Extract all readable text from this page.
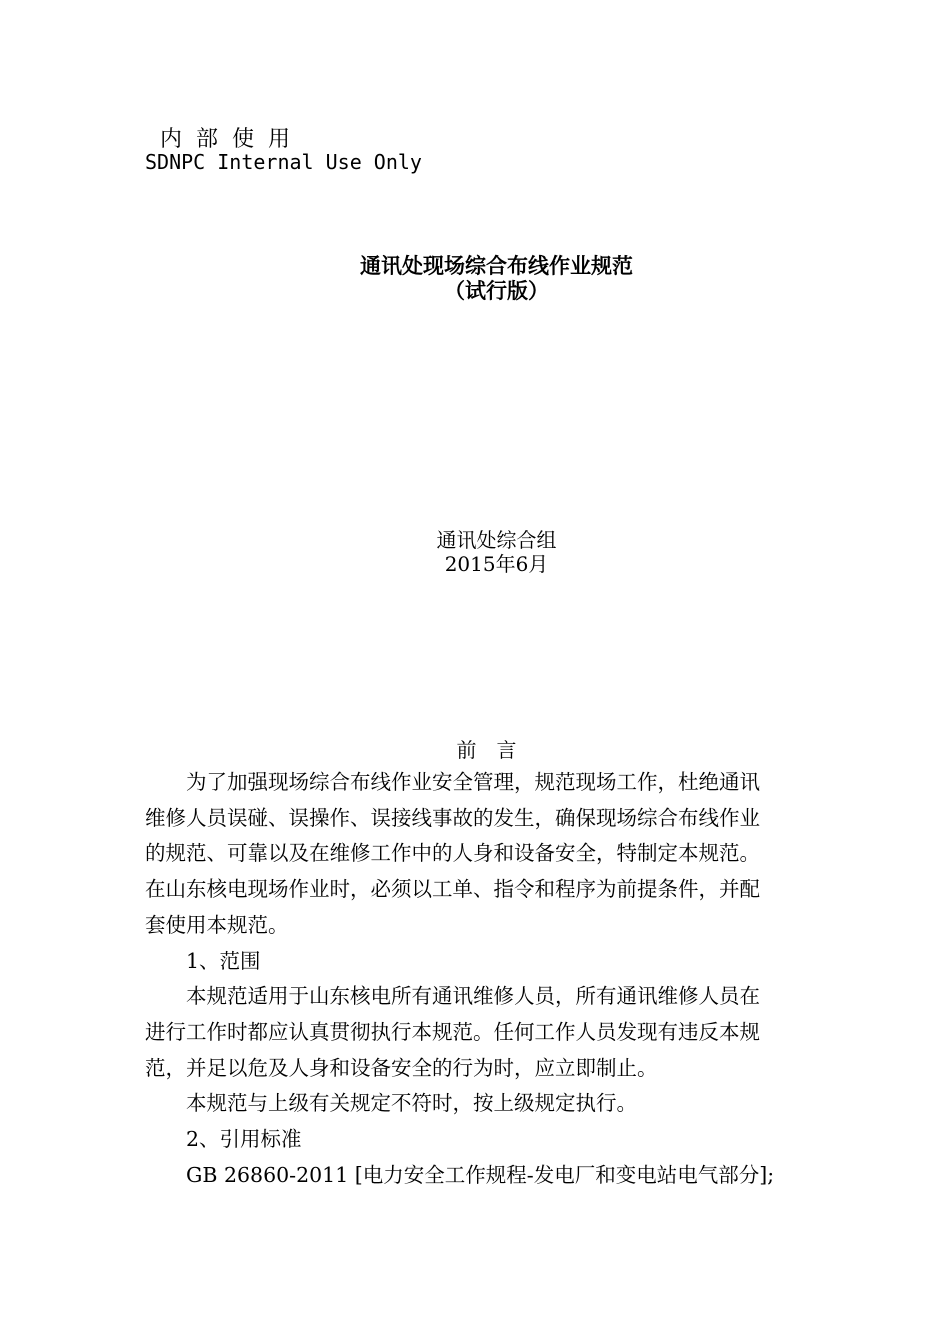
内部使用
SDNPC Internal Use Only
通讯处现场综合布线作业规范
（试行版）
通讯处综合组
2015年6月
前言

为了加强现场综合布线作业安全管理，规范现场工作，杜绝通讯

维修人员误碰、误操作、误接线事故的发生，确保现场综合布线作业

的规范、可靠以及在维修工作中的人身和设备安全，特制定本规范。

在山东核电现场作业时，必须以工单、指令和程序为前提条件，并配

套使用本规范。

1、范围

本规范适用于山东核电所有通讯维修人员，所有通讯维修人员在

进行工作时都应认真贯彻执行本规范。任何工作人员发现有违反本规

范，并足以危及人身和设备安全的行为时，应立即制止。

本规范与上级有关规定不符时，按上级规定执行。

2、引用标准

GB 26860-2011 [电力安全工作规程-发电厂和变电站电气部分];
